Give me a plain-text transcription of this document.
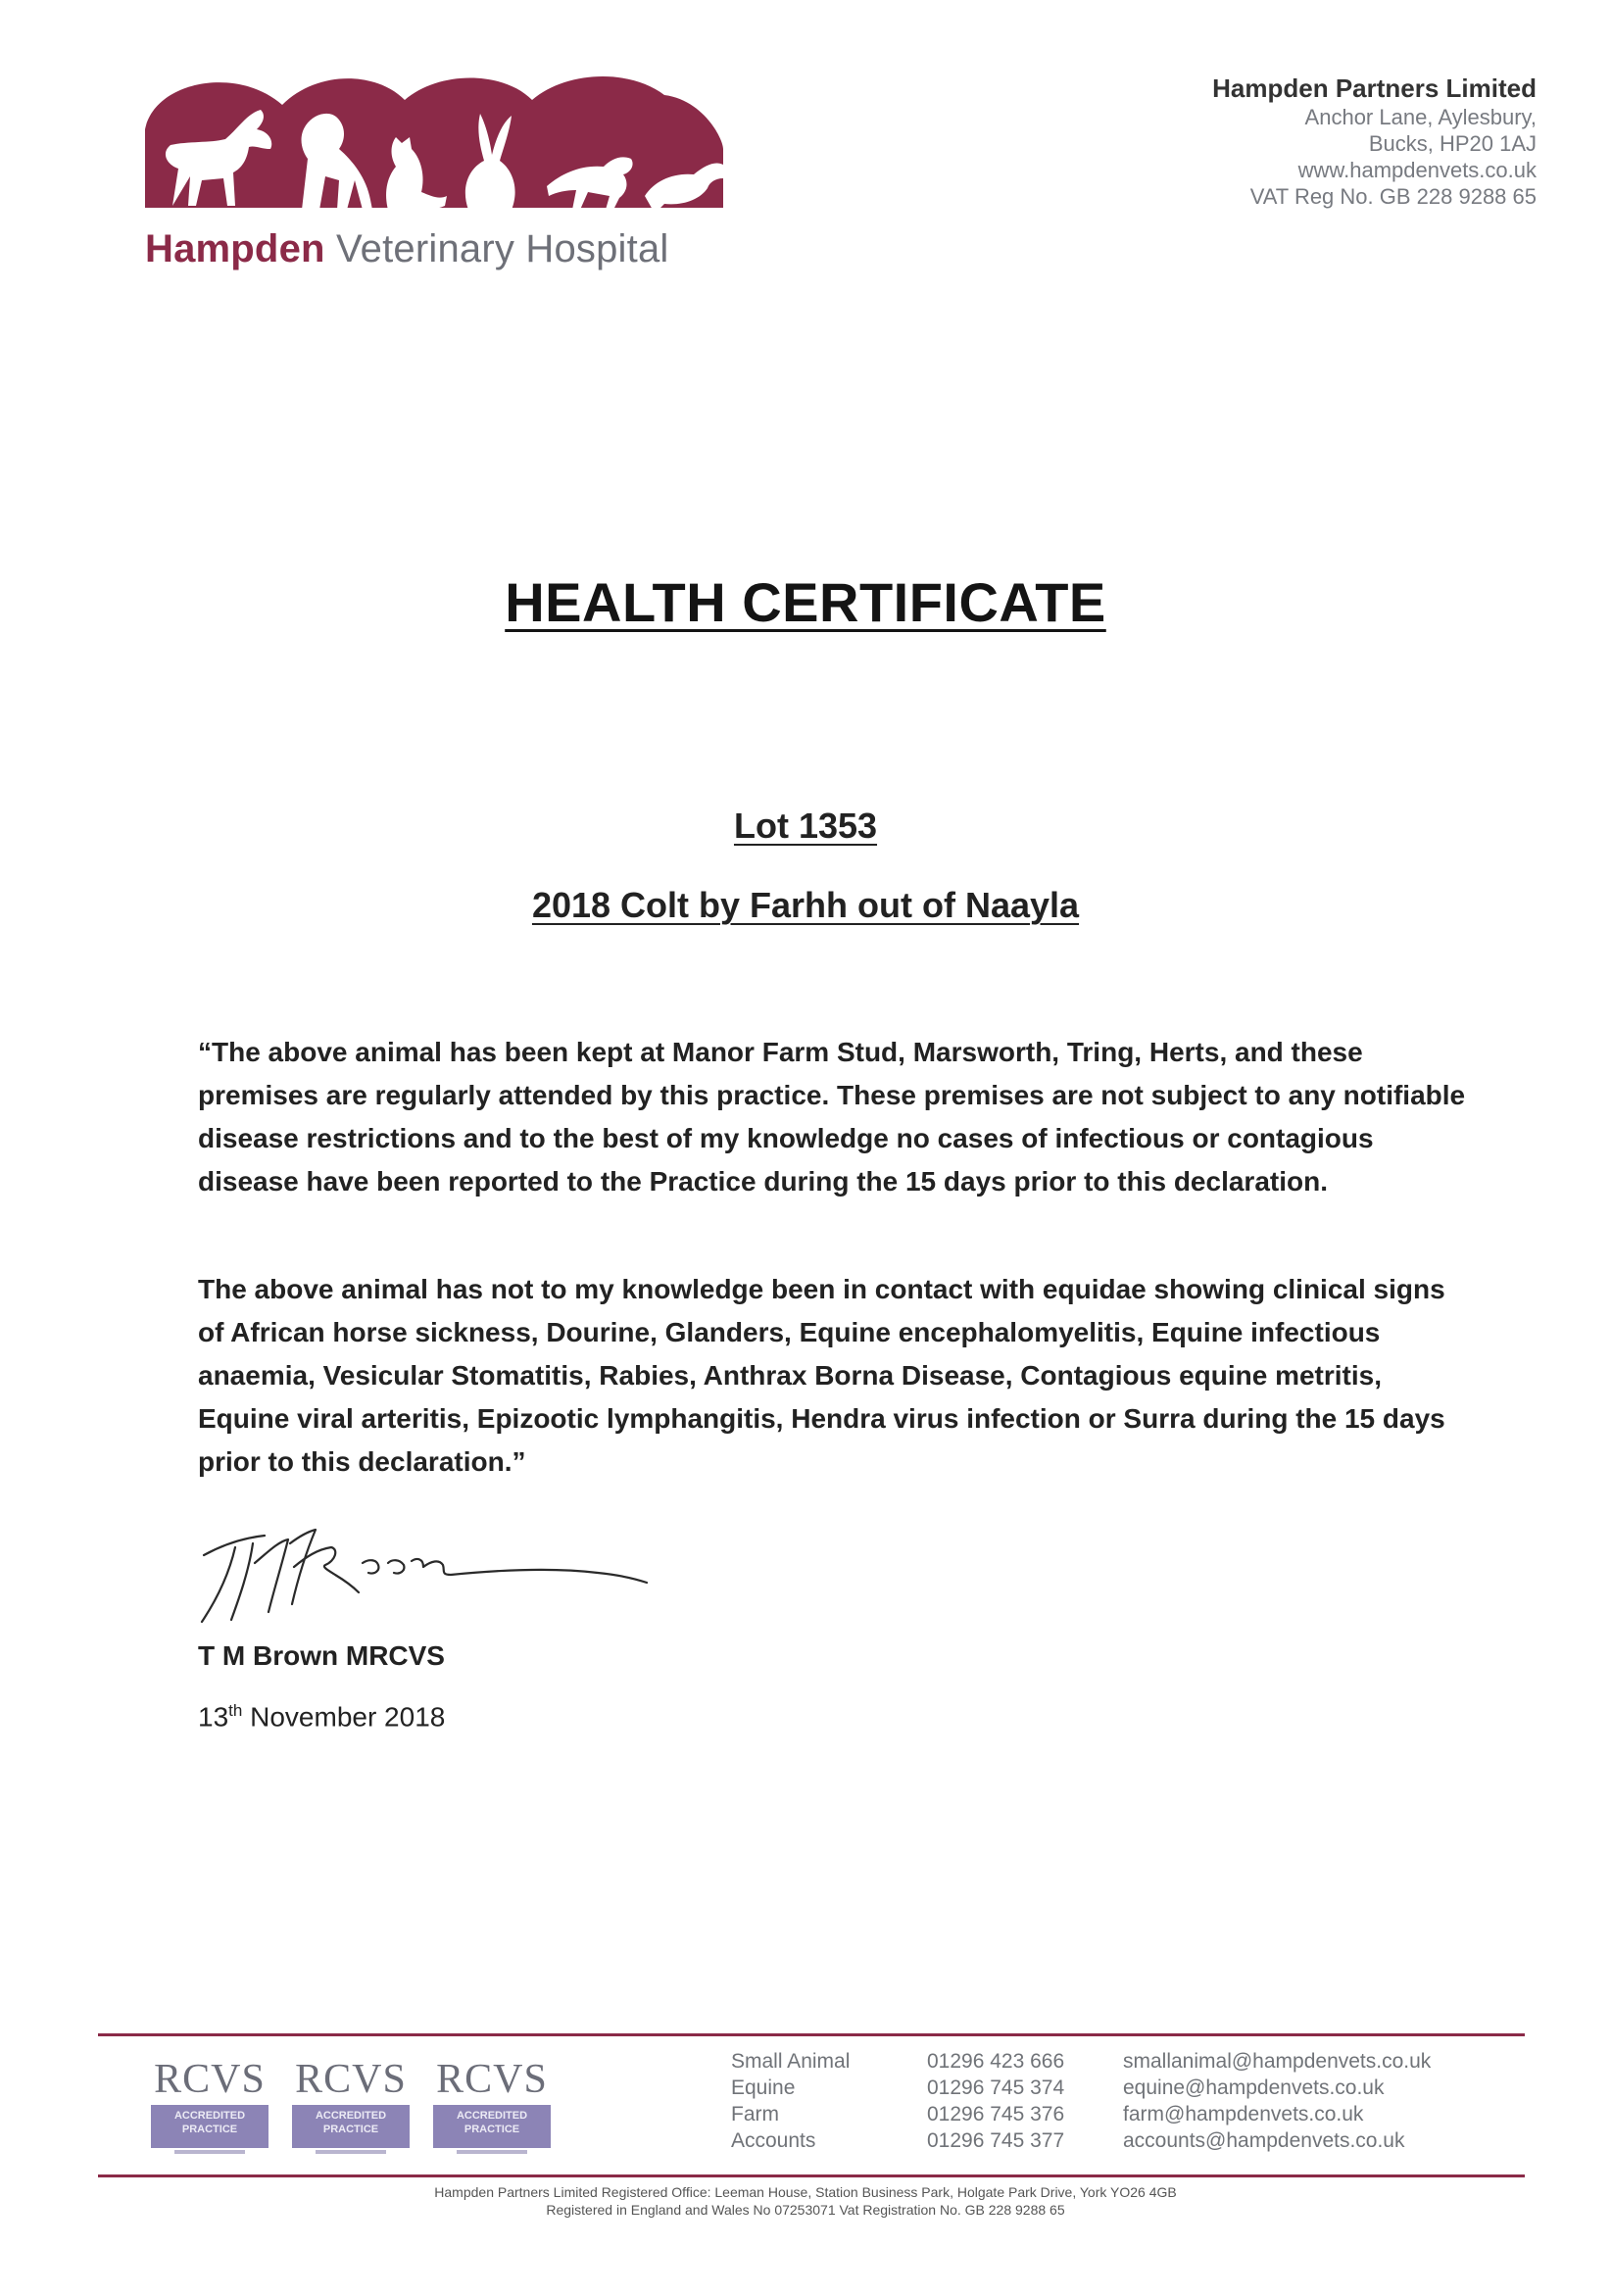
Hampden Veterinary Hospital
Hampden Partners Limited
Anchor Lane, Aylesbury,
Bucks, HP20 1AJ
www.hampdenvets.co.uk
VAT Reg No. GB 228 9288 65
HEALTH CERTIFICATE
Lot 1353
2018 Colt by Farhh out of Naayla

“The above animal has been kept at Manor Farm Stud, Marsworth, Tring, Herts, and these premises are regularly attended by this practice. These premises are not subject to any notifiable disease restrictions and to the best of my knowledge no cases of infectious or contagious disease have been reported to the Practice during the 15 days prior to this declaration.

The above animal has not to my knowledge been in contact with equidae showing clinical signs of African horse sickness, Dourine, Glanders, Equine encephalomyelitis, Equine infectious anaemia, Vesicular Stomatitis, Rabies, Anthrax Borna Disease, Contagious equine metritis, Equine viral arteritis, Epizootic lymphangitis, Hendra virus infection or Surra during the 15 days prior to this declaration.”

T M Brown MRCVS
13th November 2018
RCVS
ACCREDITED PRACTICE
RCVS
ACCREDITED PRACTICE
RCVS
ACCREDITED PRACTICE
Small Animal	01296 423 666	smallanimal@hampdenvets.co.uk
Equine	01296 745 374	equine@hampdenvets.co.uk
Farm	01296 745 376	farm@hampdenvets.co.uk
Accounts	01296 745 377	accounts@hampdenvets.co.uk
Hampden Partners Limited Registered Office: Leeman House, Station Business Park, Holgate Park Drive, York YO26 4GB
Registered in England and Wales No 07253071 Vat Registration No. GB 228 9288 65
